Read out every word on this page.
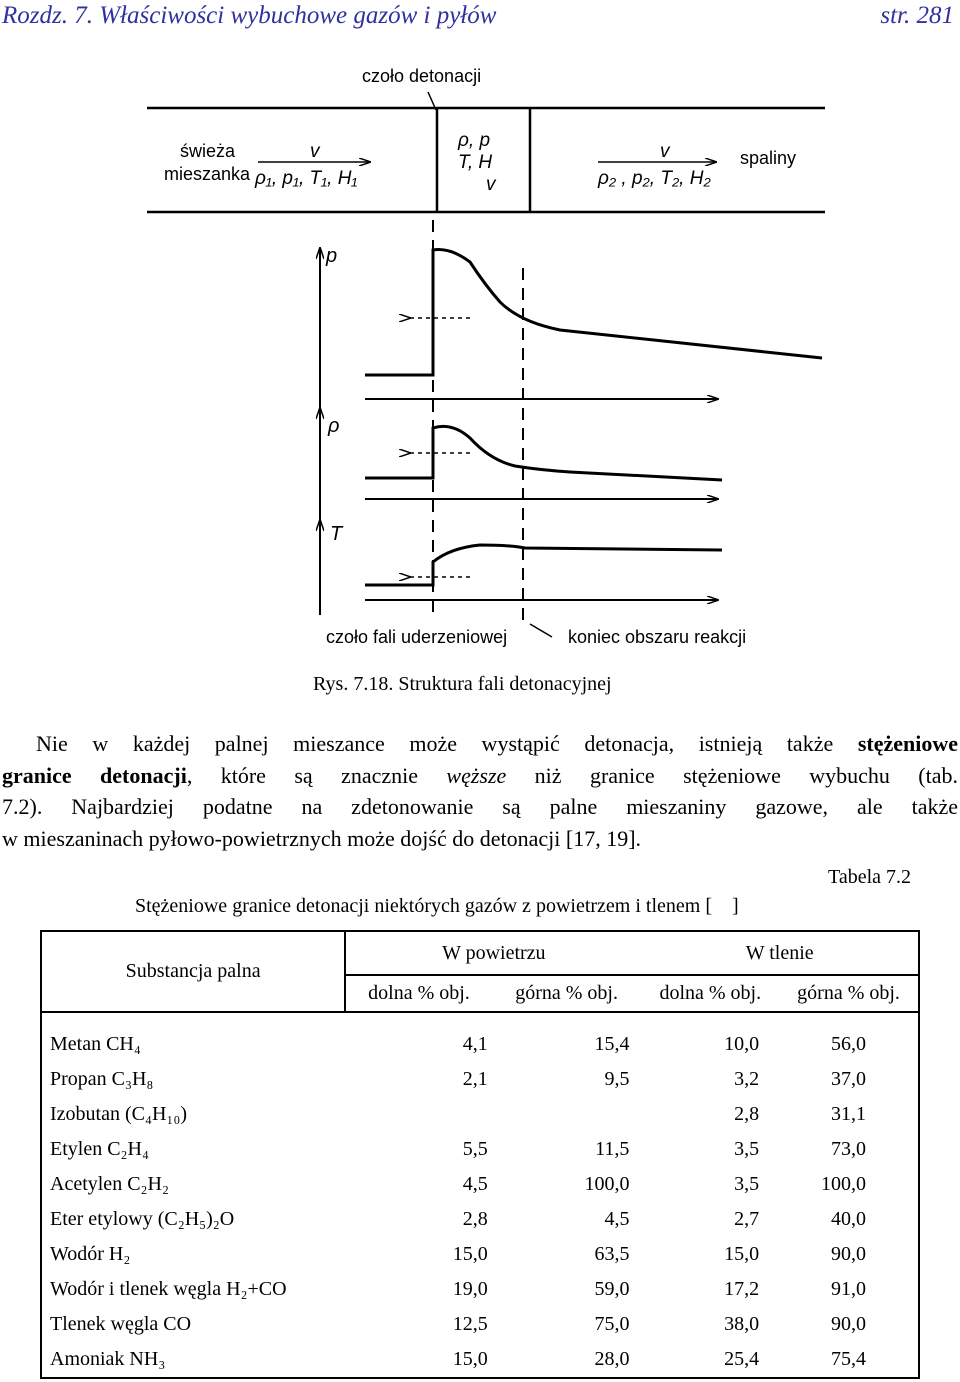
Rozdz. 7. Właściwości wybuchowe gazów i pyłów	str. 281
czoło detonacji
świeża
mieszanka
v
ρ₁, p₁, T₁, H₁
ρ, p
T, H
v
v
ρ₂ , p₂, T₂, H₂
spaliny
p
ρ
T
czoło fali uderzeniowej	koniec obszaru reakcji
Rys. 7.18. Struktura fali detonacyjnej
Nie w każdej palnej mieszance może wystąpić detonacja, istnieją także stężeniowe
granice detonacji, które są znacznie węższe niż granice stężeniowe wybuchu (tab.
7.2). Najbardziej podatne na zdetonowanie są palne mieszaniny gazowe, ale także
w mieszaninach pyłowo-powietrznych może dojść do detonacji [17, 19].
Tabela 7.2
Stężeniowe granice detonacji niektórych gazów z powietrzem i tlenem [    ]
Substancja palna	W powietrzu		W tlenie	
	dolna % obj.	górna % obj.	dolna % obj.	górna % obj.
Metan CH₄	4,1	15,4	10,0	56,0
Propan C₃H₈	2,1	9,5	3,2	37,0
Izobutan (C₄H₁₀)			2,8	31,1
Etylen C₂H₄	5,5	11,5	3,5	73,0
Acetylen C₂H₂	4,5	100,0	3,5	100,0
Eter etylowy (C₂H₅)₂O	2,8	4,5	2,7	40,0
Wodór H₂	15,0	63,5	15,0	90,0
Wodór i tlenek węgla H₂+CO	19,0	59,0	17,2	91,0
Tlenek węgla CO	12,5	75,0	38,0	90,0
Amoniak NH₃	15,0	28,0	25,4	75,4
